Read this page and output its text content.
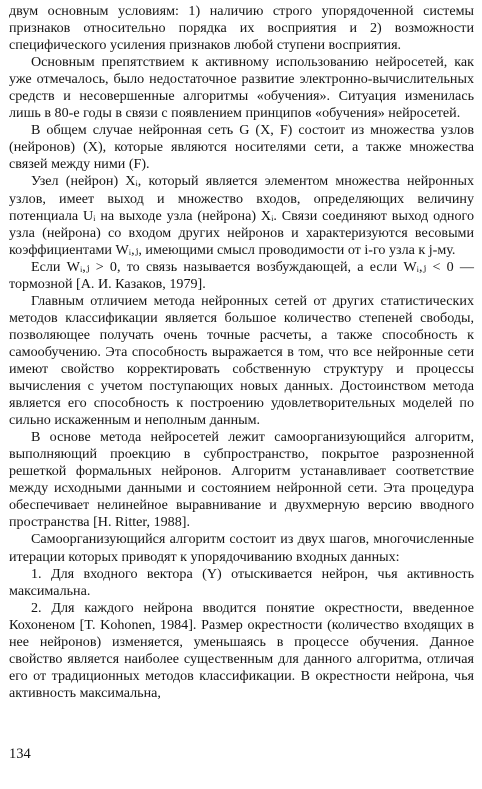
двум основным условиям: 1) наличию строго упорядоченной системы признаков относительно порядка их восприятия и 2) возможности специфического усиления признаков любой ступени восприятия.

Основным препятствием к активному использованию нейросетей, как уже отмечалось, было недостаточное развитие электронно-вычислительных средств и несовершенные алгоритмы «обучения». Ситуация изменилась лишь в 80-е годы в связи с появлением принципов «обучения» нейросетей.

В общем случае нейронная сеть G (X, F) состоит из множества узлов (нейронов) (X), которые являются носителями сети, а также множества связей между ними (F).

Узел (нейрон) Xᵢ, который является элементом множества нейронных узлов, имеет выход и множество входов, определяющих величину потенциала Uᵢ на выходе узла (нейрона) Xᵢ. Связи соединяют выход одного узла (нейрона) со входом других нейронов и характеризуются весовыми коэффициентами Wᵢ,ⱼ, имеющими смысл проводимости от i-го узла к j-му.

Если Wᵢ,ⱼ > 0, то связь называется возбуждающей, а если Wᵢ,ⱼ < 0 — тормозной [А. И. Казаков, 1979].

Главным отличием метода нейронных сетей от других статистических методов классификации является большое количество степеней свободы, позволяющее получать очень точные расчеты, а также способность к самообучению. Эта способность выражается в том, что все нейронные сети имеют свойство корректировать собственную структуру и процессы вычисления с учетом поступающих новых данных. Достоинством метода является его способность к построению удовлетворительных моделей по сильно искаженным и неполным данным.

В основе метода нейросетей лежит самоорганизующийся алгоритм, выполняющий проекцию в субпространство, покрытое разрозненной решеткой формальных нейронов. Алгоритм устанавливает соответствие между исходными данными и состоянием нейронной сети. Эта процедура обеспечивает нелинейное выравнивание и двухмерную версию вводного пространства [H. Ritter, 1988].

Самоорганизующийся алгоритм состоит из двух шагов, многочисленные итерации которых приводят к упорядочиванию входных данных:

1. Для входного вектора (Y) отыскивается нейрон, чья активность максимальна.

2. Для каждого нейрона вводится понятие окрестности, введенное Кохоненом [T. Kohonen, 1984]. Размер окрестности (количество входящих в нее нейронов) изменяется, уменьшаясь в процессе обучения. Данное свойство является наиболее существенным для данного алгоритма, отличая его от традиционных методов классификации. В окрестности нейрона, чья активность максимальна,

134
